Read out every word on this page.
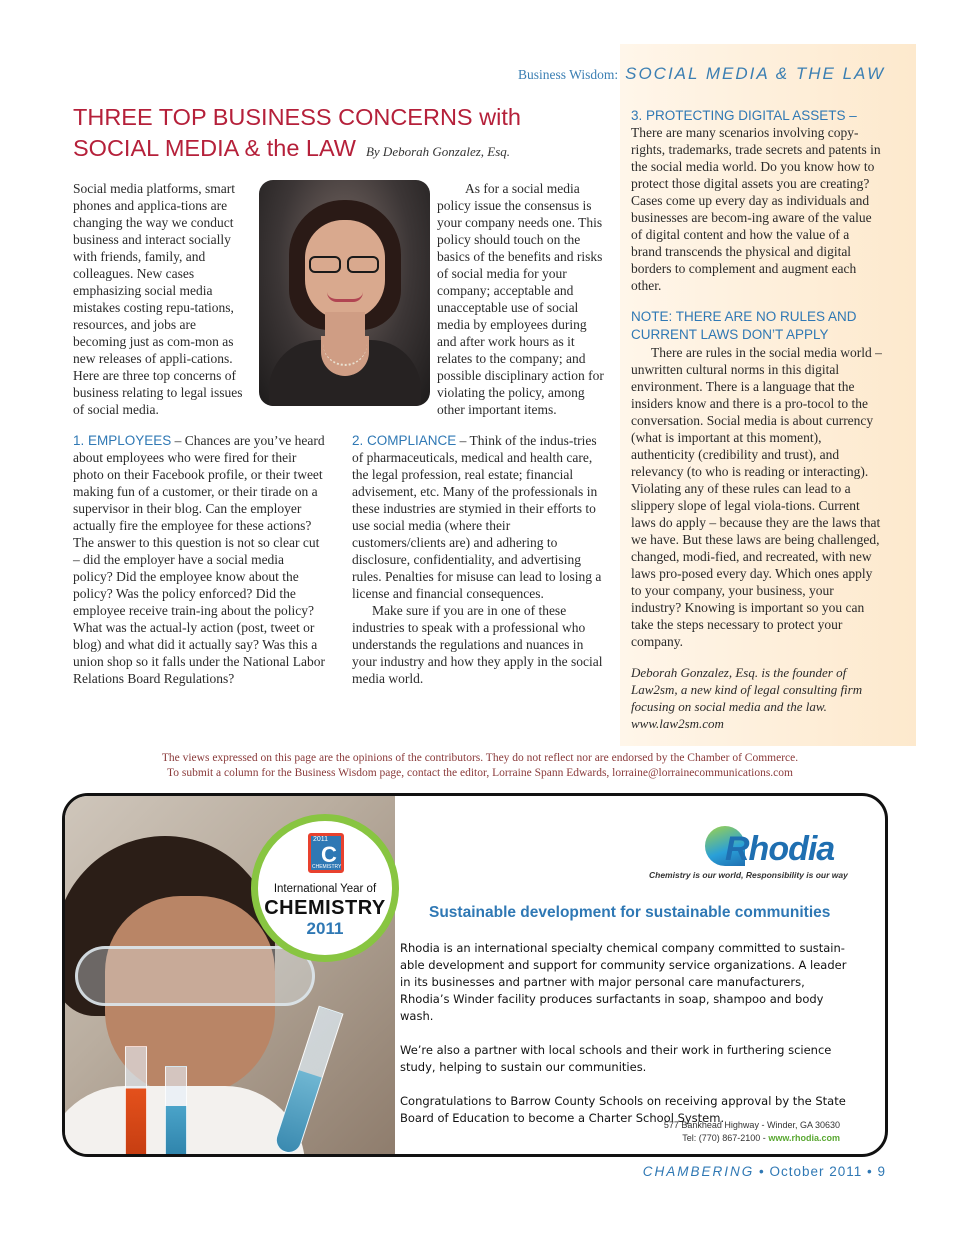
Business Wisdom: SOCIAL MEDIA & THE LAW
THREE TOP BUSINESS CONCERNS with
SOCIAL MEDIA & the LAW By Deborah Gonzalez, Esq.

Social media platforms, smart phones and applica-tions are changing the way we conduct business and interact socially with friends, family, and colleagues. New cases emphasizing social media mistakes costing repu-tations, resources, and jobs are becoming just as com-mon as new releases of appli-cations. Here are three top concerns of business relating to legal issues of social media.

As for a social media policy issue the consensus is your company needs one. This policy should touch on the basics of the benefits and risks of social media for your company; acceptable and unacceptable use of social media by employees during and after work hours as it relates to the company; and possible disciplinary action for violating the policy, among other important items.

1. EMPLOYEES – Chances are you’ve heard about employees who were fired for their photo on their Facebook profile, or their tweet making fun of a customer, or their tirade on a supervisor in their blog. Can the employer actually fire the employee for these actions? The answer to this question is not so clear cut – did the employer have a social media policy? Did the employee know about the policy? Was the policy enforced? Did the employee receive train-ing about the policy? What was the actual-ly action (post, tweet or blog) and what did it actually say? Was this a union shop so it falls under the National Labor Relations Board Regulations?

2. COMPLIANCE – Think of the indus-tries of pharmaceuticals, medical and health care, the legal profession, real estate; financial advisement, etc. Many of the professionals in these industries are stymied in their efforts to use social media (where their customers/clients are) and adhering to disclosure, confidentiality, and advertising rules. Penalties for misuse can lead to losing a license and financial consequences.

Make sure if you are in one of these industries to speak with a professional who understands the regulations and nuances in your industry and how they apply in the social media world.

3. PROTECTING DIGITAL ASSETS –

There are many scenarios involving copy-rights, trademarks, trade secrets and patents in the social media world. Do you know how to protect those digital assets you are creating? Cases come up every day as individuals and businesses are becom-ing aware of the value of digital content and how the value of a brand transcends the physical and digital borders to complement and augment each other.

NOTE: THERE ARE NO RULES AND CURRENT LAWS DON’T APPLY

There are rules in the social media world – unwritten cultural norms in this digital environment. There is a language that the insiders know and there is a pro-tocol to the conversation. Social media is about currency (what is important at this moment), authenticity (credibility and trust), and relevancy (to who is reading or interacting). Violating any of these rules can lead to a slippery slope of legal viola-tions. Current laws do apply – because they are the laws that we have. But these laws are being challenged, changed, modi-fied, and recreated, with new laws pro-posed every day. Which ones apply to your company, your business, your industry? Knowing is important so you can take the steps necessary to protect your company.

Deborah Gonzalez, Esq. is the founder of Law2sm, a new kind of legal consulting firm focusing on social media and the law. www.law2sm.com

The views expressed on this page are the opinions of the contributors. They do not reflect nor are endorsed by the Chamber of Commerce.
To submit a column for the Business Wisdom page, contact the editor, Lorraine Spann Edwards, lorraine@lorrainecommunications.com
2011
C
CHEMISTRY
International Year of
CHEMISTRY
2011
Rhodia
Chemistry is our world, Responsibility is our way
Sustainable development for sustainable communities

Rhodia is an international specialty chemical company committed to sustain-able development and support for community service organizations. A leader in its businesses and partner with major personal care manufacturers, Rhodia’s Winder facility produces surfactants in soap, shampoo and body wash.

We’re also a partner with local schools and their work in furthering science study, helping to sustain our communities.

Congratulations to Barrow County Schools on receiving approval by the State Board of Education to become a Charter School System.

577 Bankhead Highway - Winder, GA 30630
Tel: (770) 867-2100 - www.rhodia.com
CHAMBERING • October 2011 • 9
